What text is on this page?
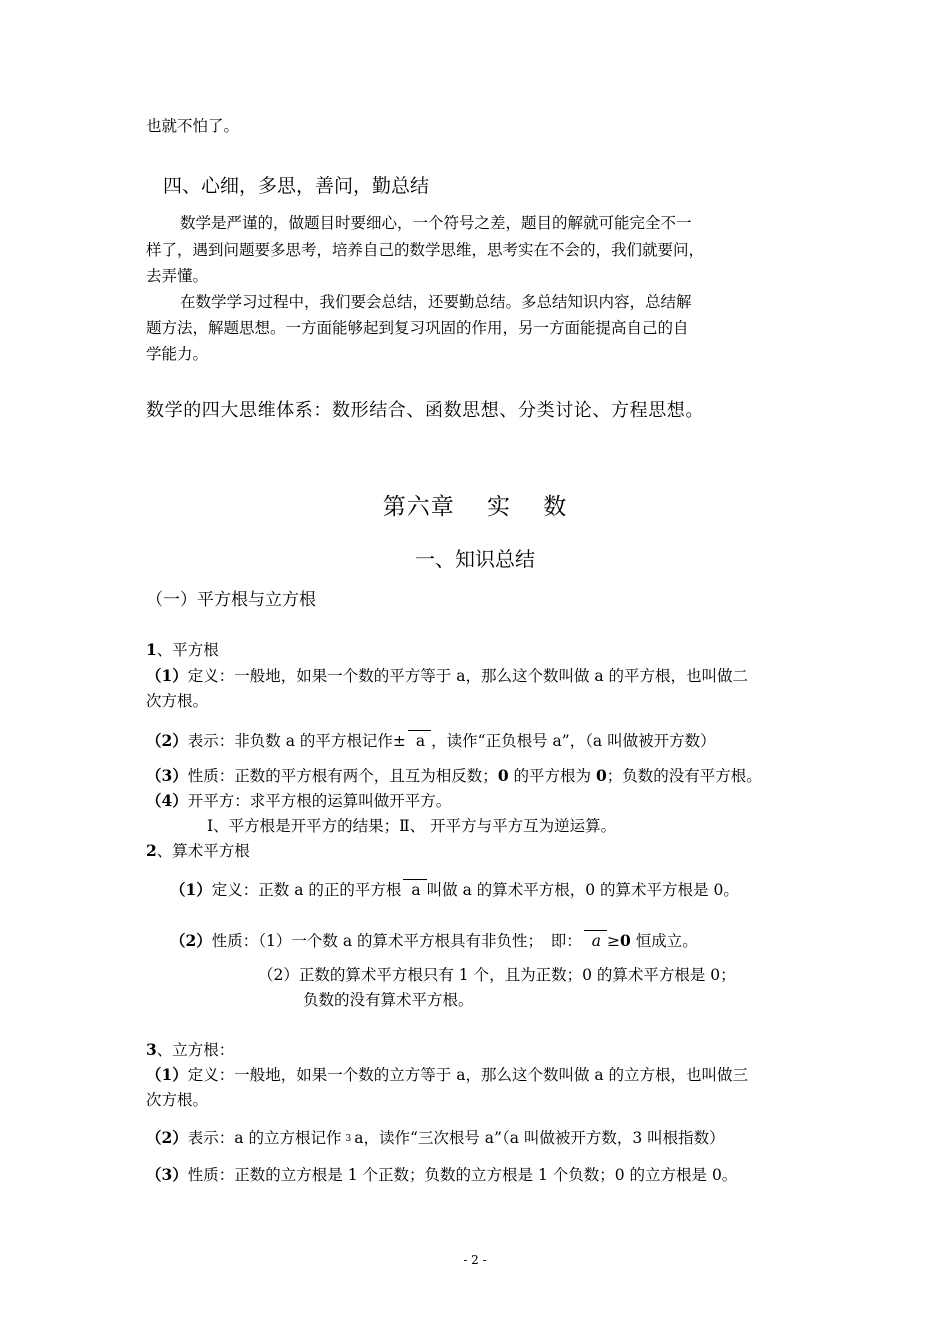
也就不怕了。
四、心细，多思，善问，勤总结
数学是严谨的，做题目时要细心，一个符号之差，题目的解就可能完全不一
样了，遇到问题要多思考，培养自己的数学思维，思考实在不会的，我们就要问，
去弄懂。
在数学学习过程中，我们要会总结，还要勤总结。多总结知识内容，总结解
题方法，解题思想。一方面能够起到复习巩固的作用，另一方面能提高自己的自
学能力。
数学的四大思维体系：数形结合、函数思想、分类讨论、方程思想。
第六章　 实　 数
一、知识总结
（一）平方根与立方根
1、平方根
（1）定义：一般地，如果一个数的平方等于 a，那么这个数叫做 a 的平方根，也叫做二
次方根。
（2）表示：非负数 a 的平方根记作± a ，读作“正负根号 a”，（a 叫做被开方数）
（3）性质：正数的平方根有两个，且互为相反数；0 的平方根为 0；负数的没有平方根。
（4）开平方：求平方根的运算叫做开平方。
Ⅰ、平方根是开平方的结果；Ⅱ、 开平方与平方互为逆运算。
2、算术平方根
（1）定义：正数 a 的正的平方根 a 叫做 a 的算术平方根，0 的算术平方根是 0。
（2）性质：（1）一个数 a 的算术平方根具有非负性；　即： a ≥0 恒成立。
（2）正数的算术平方根只有 1 个，且为正数；0 的算术平方根是 0；
负数的没有算术平方根。
3、立方根：
（1）定义：一般地，如果一个数的立方等于 a，那么这个数叫做 a 的立方根，也叫做三
次方根。
（2）表示：a 的立方根记作 3 a，读作“三次根号 a”（a 叫做被开方数，3 叫根指数）
（3）性质：正数的立方根是 1 个正数；负数的立方根是 1 个负数；0 的立方根是 0。
- 2 -
